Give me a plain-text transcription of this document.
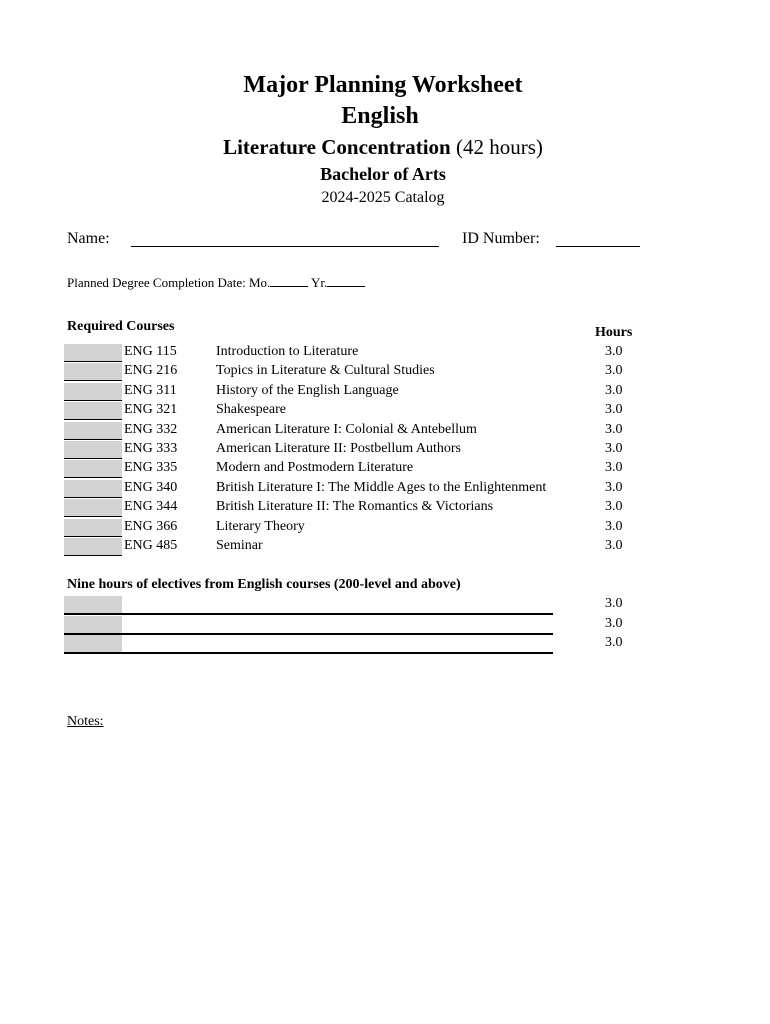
Major Planning Worksheet
English
Literature Concentration (42 hours)
Bachelor of Arts
2024-2025 Catalog
Name:	ID Number:
Planned Degree Completion Date: Mo.	Yr.
Required Courses	Hours
ENG 115	Introduction to Literature	3.0
ENG 216	Topics in Literature & Cultural Studies	3.0
ENG 311	History of the English Language	3.0
ENG 321	Shakespeare	3.0
ENG 332	American Literature I: Colonial & Antebellum	3.0
ENG 333	American Literature II: Postbellum Authors	3.0
ENG 335	Modern and Postmodern Literature	3.0
ENG 340	British Literature I: The Middle Ages to the Enlightenment	3.0
ENG 344	British Literature II: The Romantics & Victorians	3.0
ENG 366	Literary Theory	3.0
ENG 485	Seminar	3.0
Nine hours of electives from English courses (200-level and above)
3.0
3.0
3.0
Notes:
